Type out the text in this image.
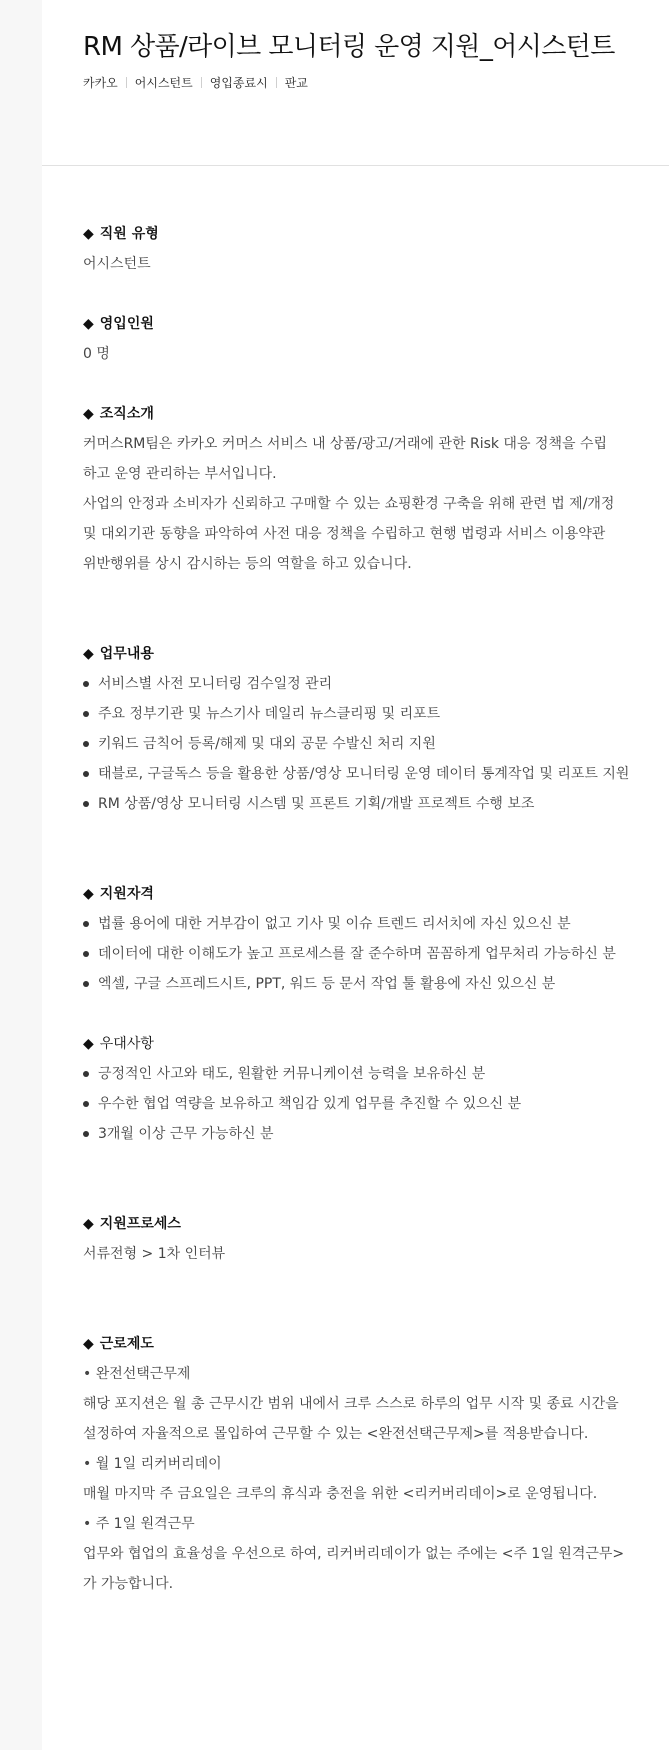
RM 상품/라이브 모니터링 운영 지원_어시스턴트
카카오 어시스턴트 영입종료시 판교
◆ 직원 유형

어시스턴트

◆ 영입인원

0 명

◆ 조직소개
커머스RM팀은 카카오 커머스 서비스 내 상품/광고/거래에 관한 Risk 대응 정책을 수립
하고 운영 관리하는 부서입니다.
사업의 안정과 소비자가 신뢰하고 구매할 수 있는 쇼핑환경 구축을 위해 관련 법 제/개정
및 대외기관 동향을 파악하여 사전 대응 정책을 수립하고 현행 법령과 서비스 이용약관
위반행위를 상시 감시하는 등의 역할을 하고 있습니다.
◆ 업무내용
서비스별 사전 모니터링 검수일정 관리
주요 정부기관 및 뉴스기사 데일리 뉴스클리핑 및 리포트
키워드 금칙어 등록/해제 및 대외 공문 수발신 처리 지원
태블로, 구글독스 등을 활용한 상품/영상 모니터링 운영 데이터 통계작업 및 리포트 지원
RM 상품/영상 모니터링 시스템 및 프론트 기획/개발 프로젝트 수행 보조
◆ 지원자격
법률 용어에 대한 거부감이 없고 기사 및 이슈 트렌드 리서치에 자신 있으신 분
데이터에 대한 이해도가 높고 프로세스를 잘 준수하며 꼼꼼하게 업무처리 가능하신 분
엑셀, 구글 스프레드시트, PPT, 워드 등 문서 작업 툴 활용에 자신 있으신 분
◆ 우대사항
긍정적인 사고와 태도, 원활한 커뮤니케이션 능력을 보유하신 분
우수한 협업 역량을 보유하고 책임감 있게 업무를 추진할 수 있으신 분
3개월 이상 근무 가능하신 분
◆ 지원프로세스

서류전형 > 1차 인터뷰

◆ 근로제도
• 완전선택근무제
해당 포지션은 월 총 근무시간 범위 내에서 크루 스스로 하루의 업무 시작 및 종료 시간을
설정하여 자율적으로 몰입하여 근무할 수 있는 <완전선택근무제>를 적용받습니다.
• 월 1일 리커버리데이
매월 마지막 주 금요일은 크루의 휴식과 충전을 위한 <리커버리데이>로 운영됩니다.
• 주 1일 원격근무
업무와 협업의 효율성을 우선으로 하여, 리커버리데이가 없는 주에는 <주 1일 원격근무>
가 가능합니다.
